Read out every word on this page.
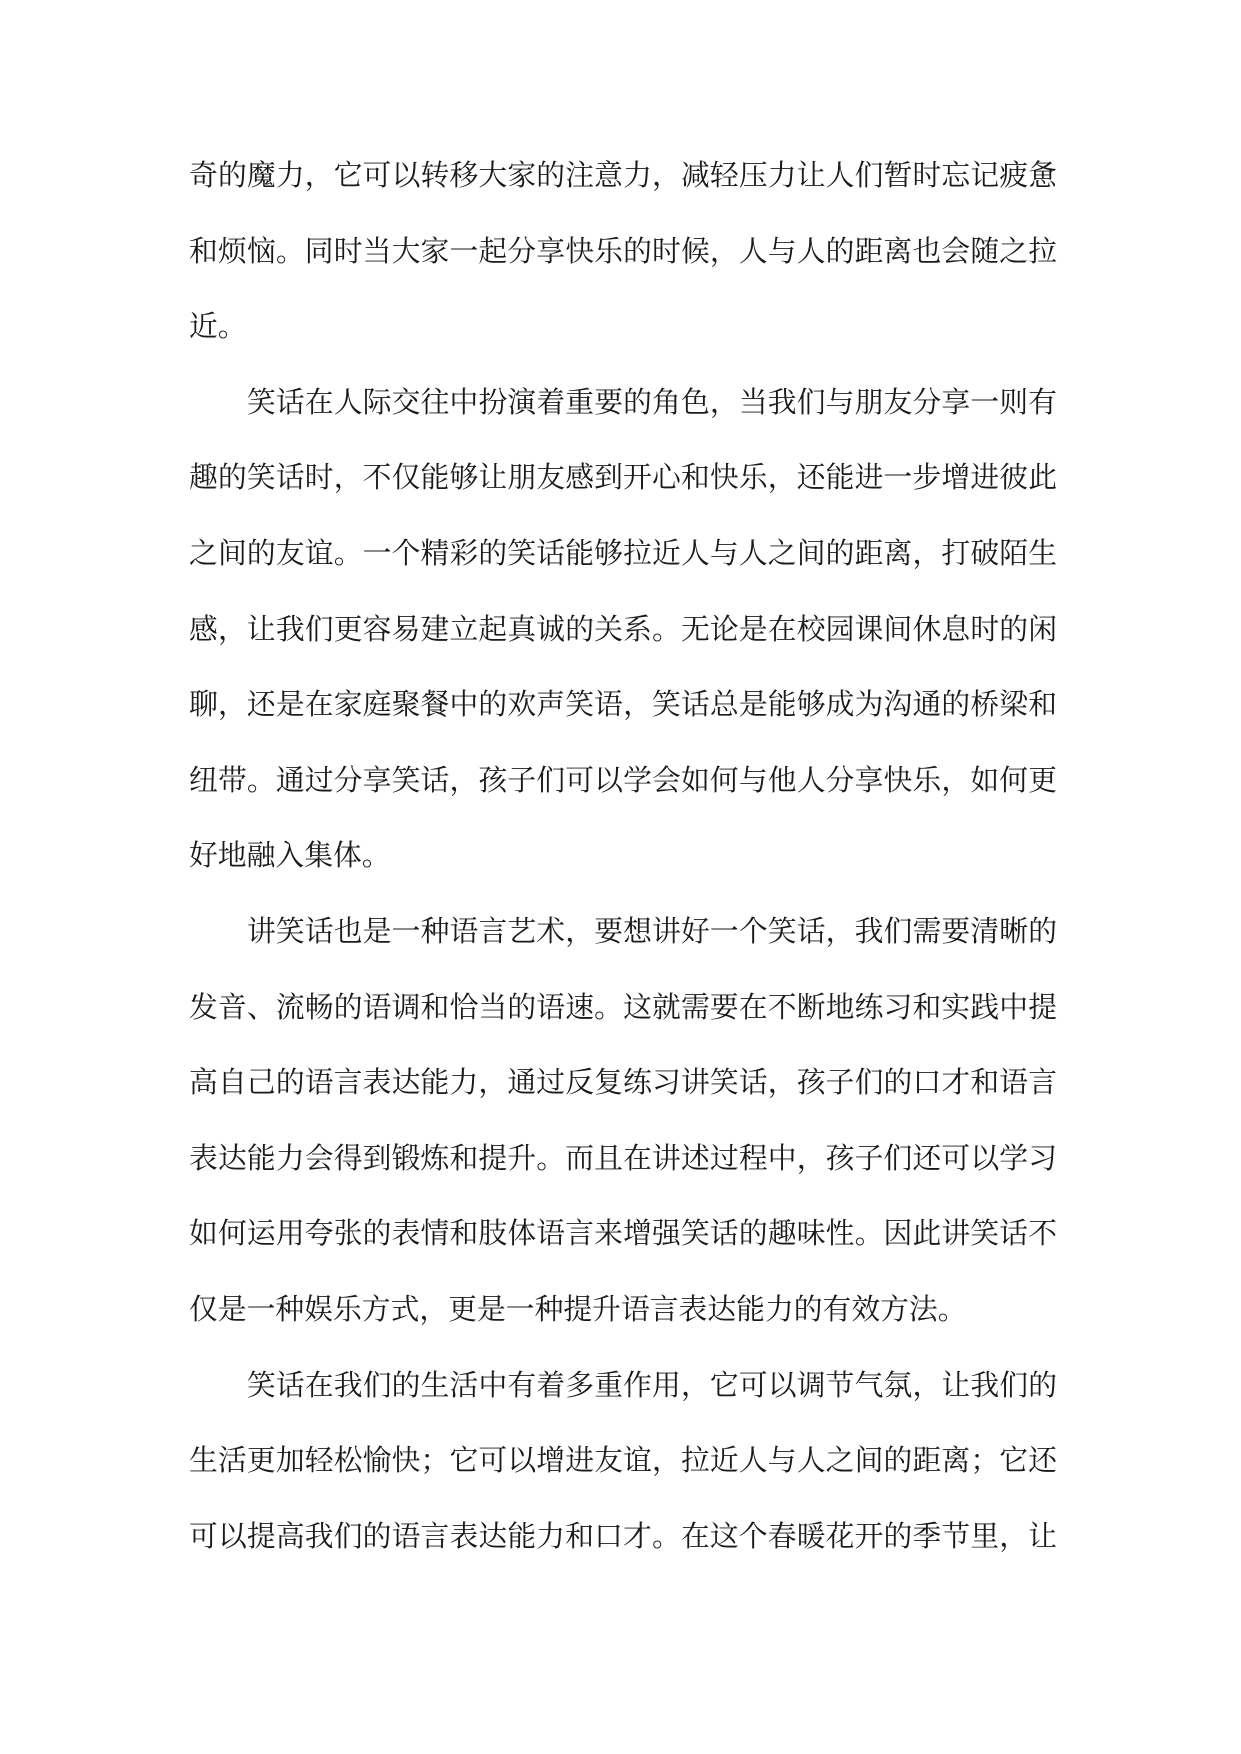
奇的魔力，它可以转移大家的注意力，减轻压力让人们暂时忘记疲惫
和烦恼。同时当大家一起分享快乐的时候，人与人的距离也会随之拉
近。
笑话在人际交往中扮演着重要的角色，当我们与朋友分享一则有
趣的笑话时，不仅能够让朋友感到开心和快乐，还能进一步增进彼此
之间的友谊。一个精彩的笑话能够拉近人与人之间的距离，打破陌生
感，让我们更容易建立起真诚的关系。无论是在校园课间休息时的闲
聊，还是在家庭聚餐中的欢声笑语，笑话总是能够成为沟通的桥梁和
纽带。通过分享笑话，孩子们可以学会如何与他人分享快乐，如何更
好地融入集体。
讲笑话也是一种语言艺术，要想讲好一个笑话，我们需要清晰的
发音、流畅的语调和恰当的语速。这就需要在不断地练习和实践中提
高自己的语言表达能力，通过反复练习讲笑话，孩子们的口才和语言
表达能力会得到锻炼和提升。而且在讲述过程中，孩子们还可以学习
如何运用夸张的表情和肢体语言来增强笑话的趣味性。因此讲笑话不
仅是一种娱乐方式，更是一种提升语言表达能力的有效方法。
笑话在我们的生活中有着多重作用，它可以调节气氛，让我们的
生活更加轻松愉快；它可以增进友谊，拉近人与人之间的距离；它还
可以提高我们的语言表达能力和口才。在这个春暖花开的季节里，让
